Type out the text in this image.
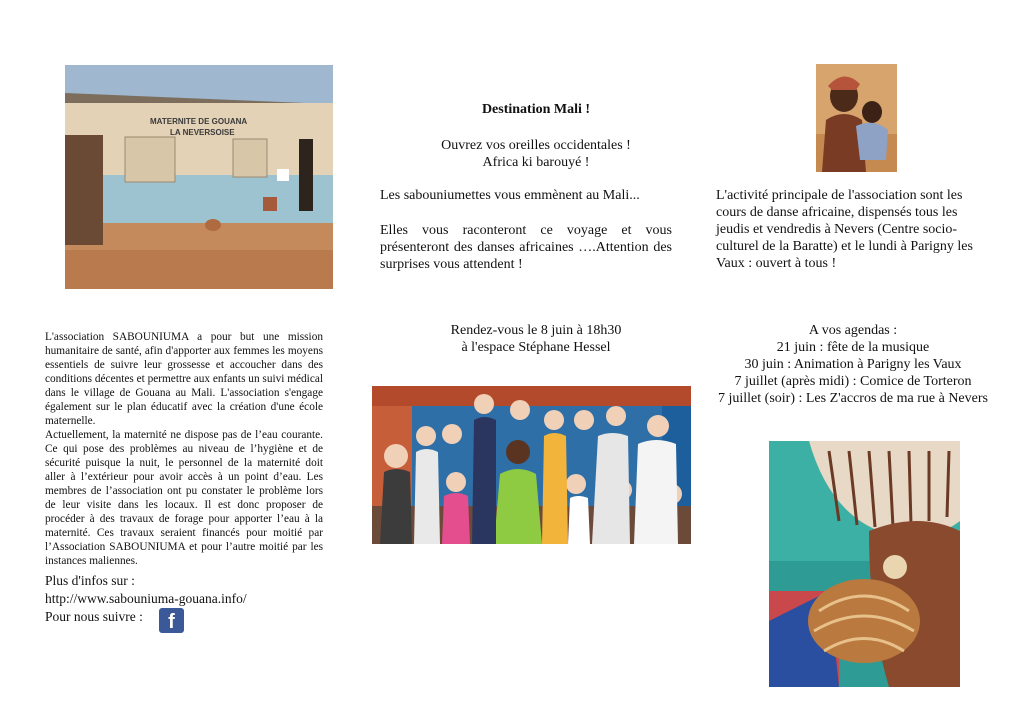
MATERNITE DE GOUANA
LA NEVERSOISE
Destination Mali !
Ouvrez vos oreilles occidentales !
Africa ki barouyé !
Les sabouniumettes vous emmènent au Mali...
Elles vous raconteront ce voyage et vous présenteront des danses africaines ….Attention des surprises vous attendent !
Rendez-vous le 8 juin à 18h30
à l'espace Stéphane Hessel

L'association SABOUNIUMA a pour but une mission humanitaire de santé, afin d'apporter aux femmes les moyens essentiels de suivre leur grossesse et accoucher dans des conditions décentes et permettre aux enfants un suivi médical dans le village de Gouana au Mali. L'association s'engage également sur le plan éducatif avec la création d'une école maternelle.

Actuellement, la maternité ne dispose pas de l’eau courante. Ce qui pose des problèmes au niveau de l’hygiène et de sécurité puisque la nuit, le personnel de la maternité doit aller à l’extérieur pour avoir accès à un point d’eau. Les membres de l’association ont pu constater le problème lors de leur visite dans les locaux. Il est donc proposer de procéder à des travaux de forage pour apporter l’eau à la maternité. Ces travaux seraient financés pour moitié par l’Association SABOUNIUMA et pour l’autre moitié par les instances maliennes.

Plus d'infos sur :
http://www.sabouniuma-gouana.info/
Pour nous suivre :	f
L'activité principale de l'association sont les cours de danse africaine, dispensés tous les jeudis et vendredis à Nevers (Centre socio-culturel de la Baratte) et le lundi à Parigny les Vaux : ouvert à tous !
A vos agendas :
21 juin : fête de la musique
30 juin : Animation à Parigny les Vaux
7 juillet (après midi) : Comice de Torteron
7 juillet (soir) : Les Z'accros de ma rue à Nevers
